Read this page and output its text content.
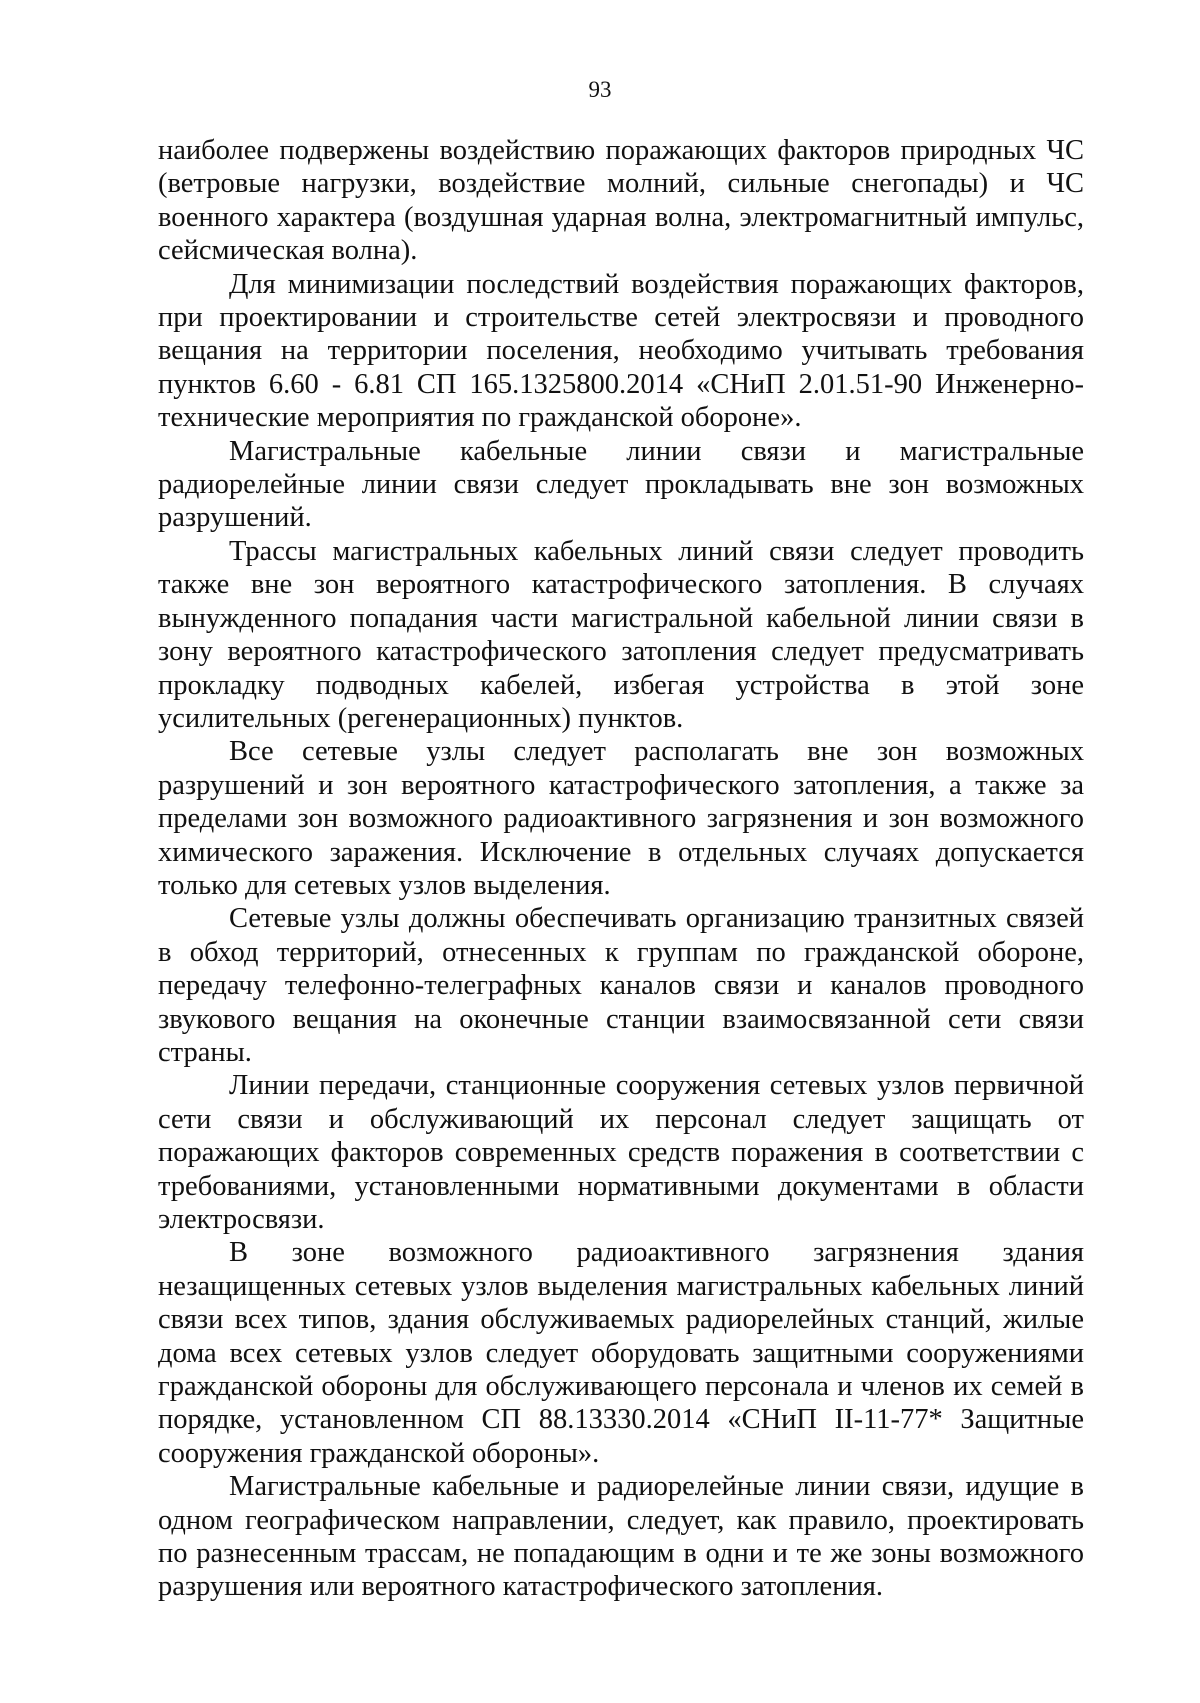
93

наиболее подвержены воздействию поражающих факторов природных ЧС (ветровые нагрузки, воздействие молний, сильные снегопады) и ЧС военного характера (воздушная ударная волна, электромагнитный импульс, сейсмическая волна).

Для минимизации последствий воздействия поражающих факторов, при проектировании и строительстве сетей электросвязи и проводного вещания на территории поселения, необходимо учитывать требования пунктов 6.60 - 6.81 СП 165.1325800.2014 «СНиП 2.01.51-90 Инженерно-технические мероприятия по гражданской обороне».

Магистральные кабельные линии связи и магистральные радиорелейные линии связи следует прокладывать вне зон возможных разрушений.

Трассы магистральных кабельных линий связи следует проводить также вне зон вероятного катастрофического затопления. В случаях вынужденного попадания части магистральной кабельной линии связи в зону вероятного катастрофического затопления следует предусматривать прокладку подводных кабелей, избегая устройства в этой зоне усилительных (регенерационных) пунктов.

Все сетевые узлы следует располагать вне зон возможных разрушений и зон вероятного катастрофического затопления, а также за пределами зон возможного радиоактивного загрязнения и зон возможного химического заражения. Исключение в отдельных случаях допускается только для сетевых узлов выделения.

Сетевые узлы должны обеспечивать организацию транзитных связей в обход территорий, отнесенных к группам по гражданской обороне, передачу телефонно-телеграфных каналов связи и каналов проводного звукового вещания на оконечные станции взаимосвязанной сети связи страны.

Линии передачи, станционные сооружения сетевых узлов первичной сети связи и обслуживающий их персонал следует защищать от поражающих факторов современных средств поражения в соответствии с требованиями, установленными нормативными документами в области электросвязи.

В зоне возможного радиоактивного загрязнения здания незащищенных сетевых узлов выделения магистральных кабельных линий связи всех типов, здания обслуживаемых радиорелейных станций, жилые дома всех сетевых узлов следует оборудовать защитными сооружениями гражданской обороны для обслуживающего персонала и членов их семей в порядке, установленном СП 88.13330.2014 «СНиП II-11-77* Защитные сооружения гражданской обороны».

Магистральные кабельные и радиорелейные линии связи, идущие в одном географическом направлении, следует, как правило, проектировать по разнесенным трассам, не попадающим в одни и те же зоны возможного разрушения или вероятного катастрофического затопления.
